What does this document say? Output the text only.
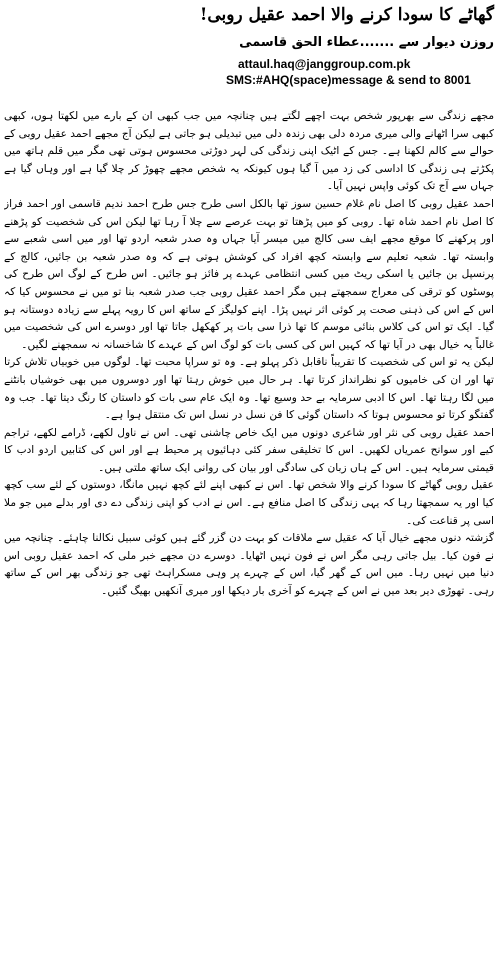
گھاٹے کا سودا کرنے والا احمد عقیل روبی!
روزن دیوار سے .......عطاء الحق قاسمی
attaul.haq@janggroup.com.pk
SMS:#AHQ(space)message & send to 8001

مجھے زندگی سے بھرپور شخص بہت اچھے لگتے ہیں چنانچہ میں جب کبھی ان کے بارے میں لکھتا ہوں، کبھی کبھی سرا اٹھانے والی میری مردہ دلی بھی زندہ دلی میں تبدیلی ہو جاتی ہے لیکن آج مجھے احمد عقیل روبی کے حوالے سے کالم لکھنا ہے۔ جس کے اٹیک اپنی زندگی کی لہر دوڑتی محسوس ہوتی تھی مگر میں قلم ہاتھ میں پکڑتے ہی زندگی کا اداسی کی زد میں آ گیا ہوں کیونکہ یہ شخص مجھے چھوڑ کر چلا گیا ہے اور وہاں گیا ہے جہاں سے آج تک کوئی واپس نہیں آیا۔

احمد عقیل روبی کا اصل نام غلام حسین سوز تھا بالکل اسی طرح جس طرح احمد ندیم قاسمی اور احمد فراز کا اصل نام احمد شاہ تھا۔ روبی کو میں پڑھتا تو بہت عرصے سے چلا آ رہا تھا لیکن اس کی شخصیت کو پڑھنے اور پرکھنے کا موقع مجھے ایف سی کالج میں میسر آیا جہاں وہ صدر شعبہ اردو تھا اور میں اسی شعبے سے وابستہ تھا۔ شعبہ تعلیم سے وابستہ کچھ افراد کی کوشش ہوتی ہے کہ وہ صدر شعبہ بن جائیں، کالج کے پرنسپل بن جائیں یا اسکی ریٹ میں کسی انتظامی عہدے پر فائز ہو جائیں۔ اس طرح کے لوگ اس طرح کی پوسٹوں کو ترقی کی معراج سمجھتے ہیں مگر احمد عقیل روبی جب صدر شعبہ بنا تو میں نے محسوس کیا کہ اس کے اس کی ذہنی صحت پر کوئی اثر نہیں پڑا۔ اپنے کولیگز کے ساتھ اس کا رویہ پہلے سے زیادہ دوستانہ ہو گیا۔ ایک تو اس کی کلاس بنائی موسم کا تھا ذرا سی بات پر کھکھل جاتا تھا اور دوسرے اس کی شخصیت میں غالباً یہ خیال بھی در آیا تھا کہ کہیں اس کی کسی بات کو لوگ اس کے عہدے کا شاخسانہ نہ سمجھنے لگیں۔

لیکن یہ تو اس کی شخصیت کا تقریباً ناقابل ذکر پہلو ہے۔ وہ تو سراپا محبت تھا۔ لوگوں میں خوبیاں تلاش کرتا تھا اور ان کی خامیوں کو نظرانداز کرتا تھا۔ ہر حال میں خوش رہتا تھا اور دوسروں میں بھی خوشیاں بانٹنے میں لگا رہتا تھا۔ اس کا ادبی سرمایہ بے حد وسیع تھا۔ وہ ایک عام سی بات کو داستان کا رنگ دیتا تھا۔ جب وہ گفتگو کرتا تو محسوس ہوتا کہ داستان گوئی کا فن نسل در نسل اس تک منتقل ہوا ہے۔

احمد عقیل روبی کی نثر اور شاعری دونوں میں ایک خاص چاشنی تھی۔ اس نے ناول لکھے، ڈرامے لکھے، تراجم کیے اور سوانح عمریاں لکھیں۔ اس کا تخلیقی سفر کئی دہائیوں پر محیط ہے اور اس کی کتابیں اردو ادب کا قیمتی سرمایہ ہیں۔ اس کے ہاں زبان کی سادگی اور بیان کی روانی ایک ساتھ ملتی ہیں۔

عقیل روبی گھاٹے کا سودا کرنے والا شخص تھا۔ اس نے کبھی اپنے لئے کچھ نہیں مانگا، دوستوں کے لئے سب کچھ کیا اور یہ سمجھتا رہا کہ یہی زندگی کا اصل منافع ہے۔ اس نے ادب کو اپنی زندگی دے دی اور بدلے میں جو ملا اسی پر قناعت کی۔

گزشتہ دنوں مجھے خیال آیا کہ عقیل سے ملاقات کو بہت دن گزر گئے ہیں کوئی سبیل نکالنا چاہئے۔ چنانچہ میں نے فون کیا۔ بیل جاتی رہی مگر اس نے فون نہیں اٹھایا۔ دوسرے دن مجھے خبر ملی کہ احمد عقیل روبی اس دنیا میں نہیں رہا۔ میں اس کے گھر گیا، اس کے چہرے پر وہی مسکراہٹ تھی جو زندگی بھر اس کے ساتھ رہی۔ تھوڑی دیر بعد میں نے اس کے چہرے کو آخری بار دیکھا اور میری آنکھیں بھیگ گئیں۔
